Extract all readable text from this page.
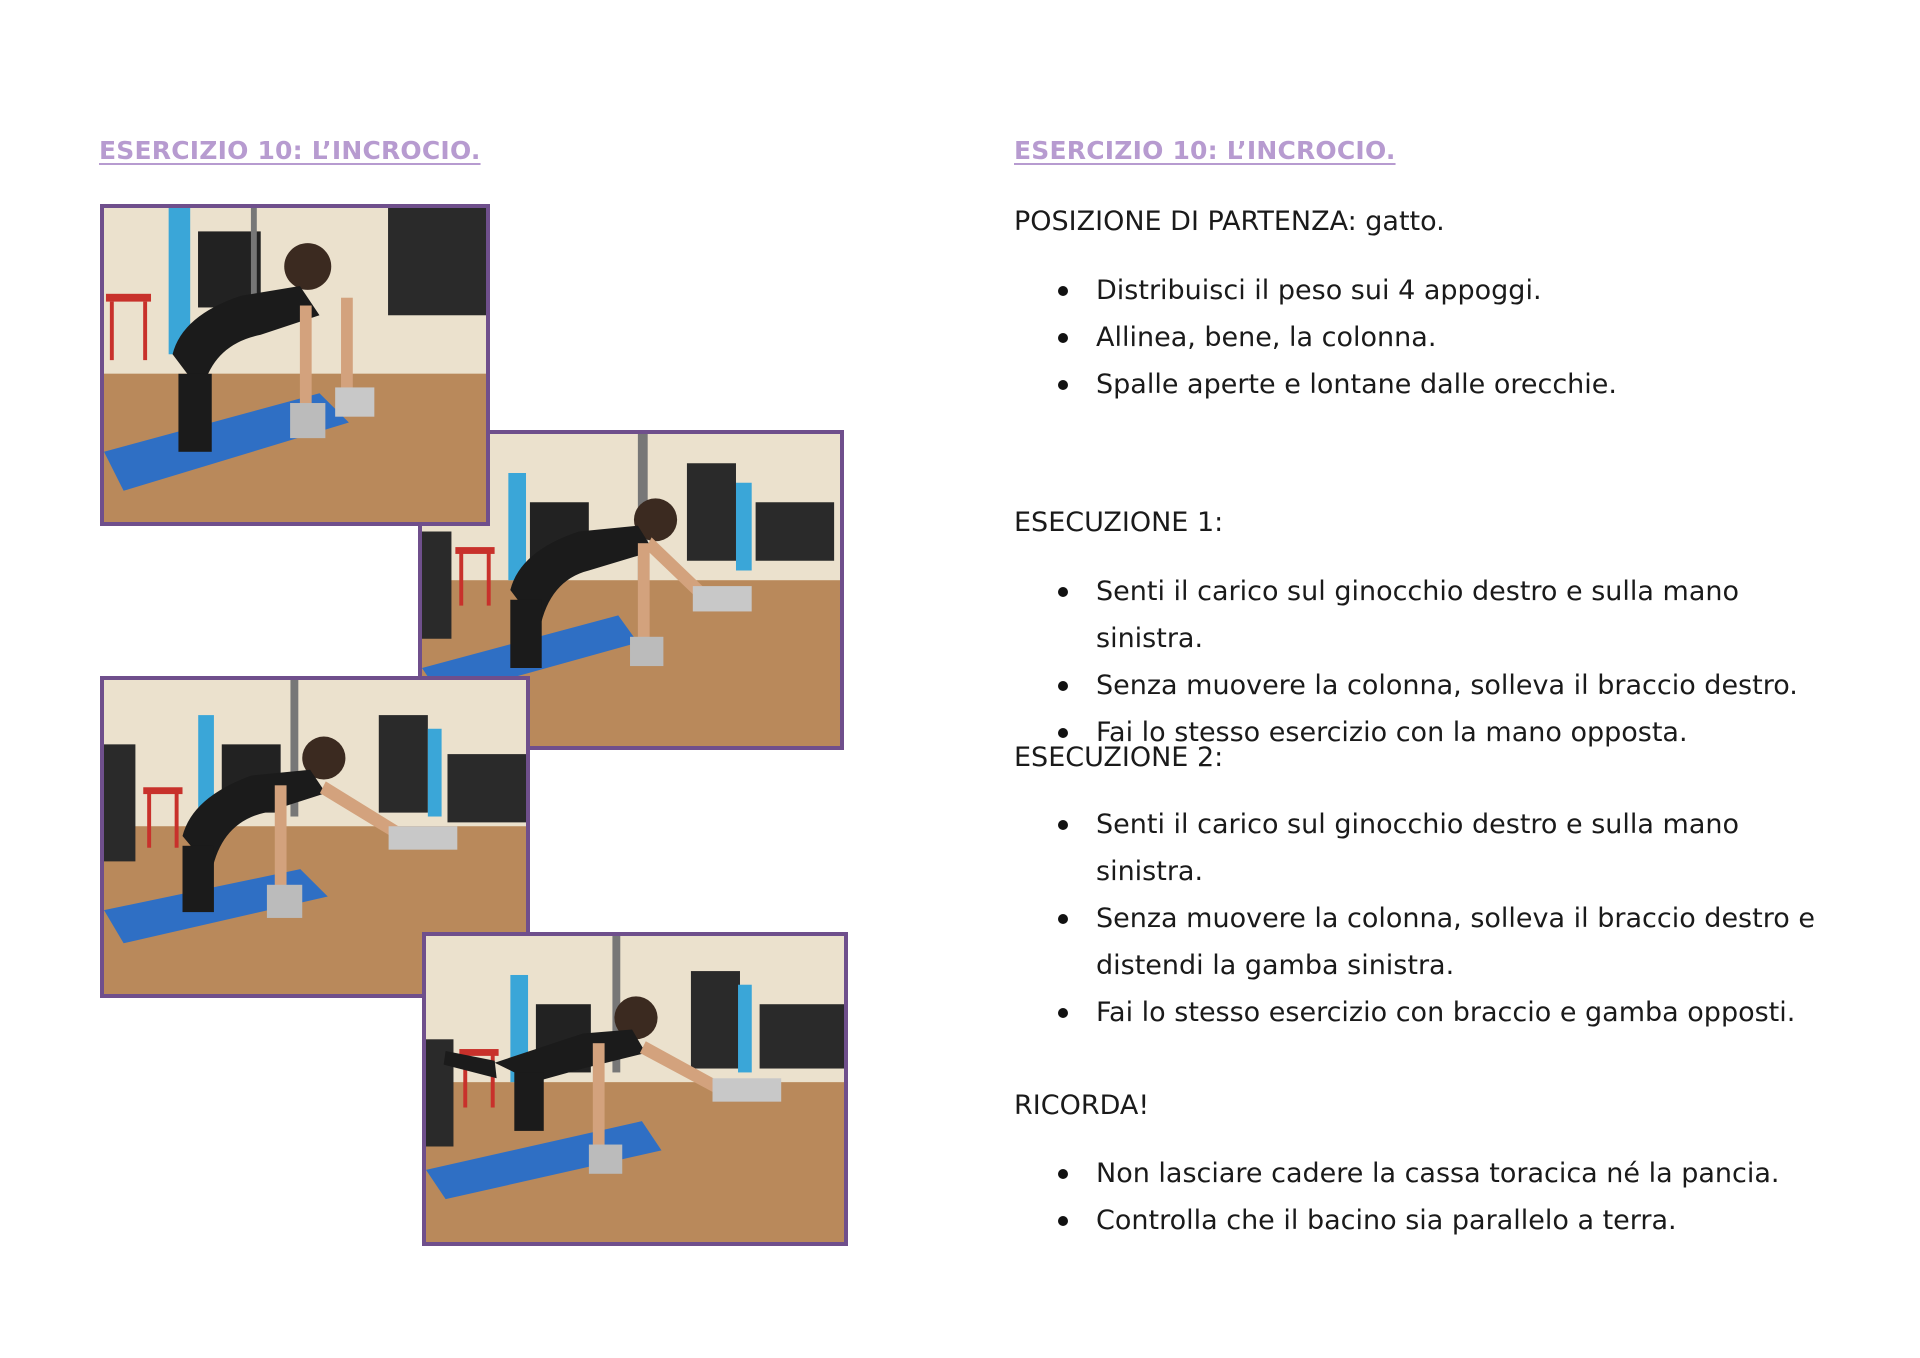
ESERCIZIO 10: L’INCROCIO.	ESERCIZIO 10: L’INCROCIO.

POSIZIONE DI PARTENZA: gatto.

Distribuisci il peso sui 4 appoggi.
Allinea, bene, la colonna.
Spalle aperte e lontane dalle orecchie.

ESECUZIONE 1:

Senti il carico sul ginocchio destro e sulla mano sinistra.
Senza muovere la colonna, solleva il braccio destro.
Fai lo stesso esercizio con la mano opposta.

ESECUZIONE 2:

Senti il carico sul ginocchio destro e sulla mano sinistra.
Senza muovere la colonna, solleva il braccio destro e distendi la gamba sinistra.
Fai lo stesso esercizio con braccio e gamba opposti.

RICORDA!

Non lasciare cadere la cassa toracica né la pancia.
Controlla che il bacino sia parallelo a terra.
